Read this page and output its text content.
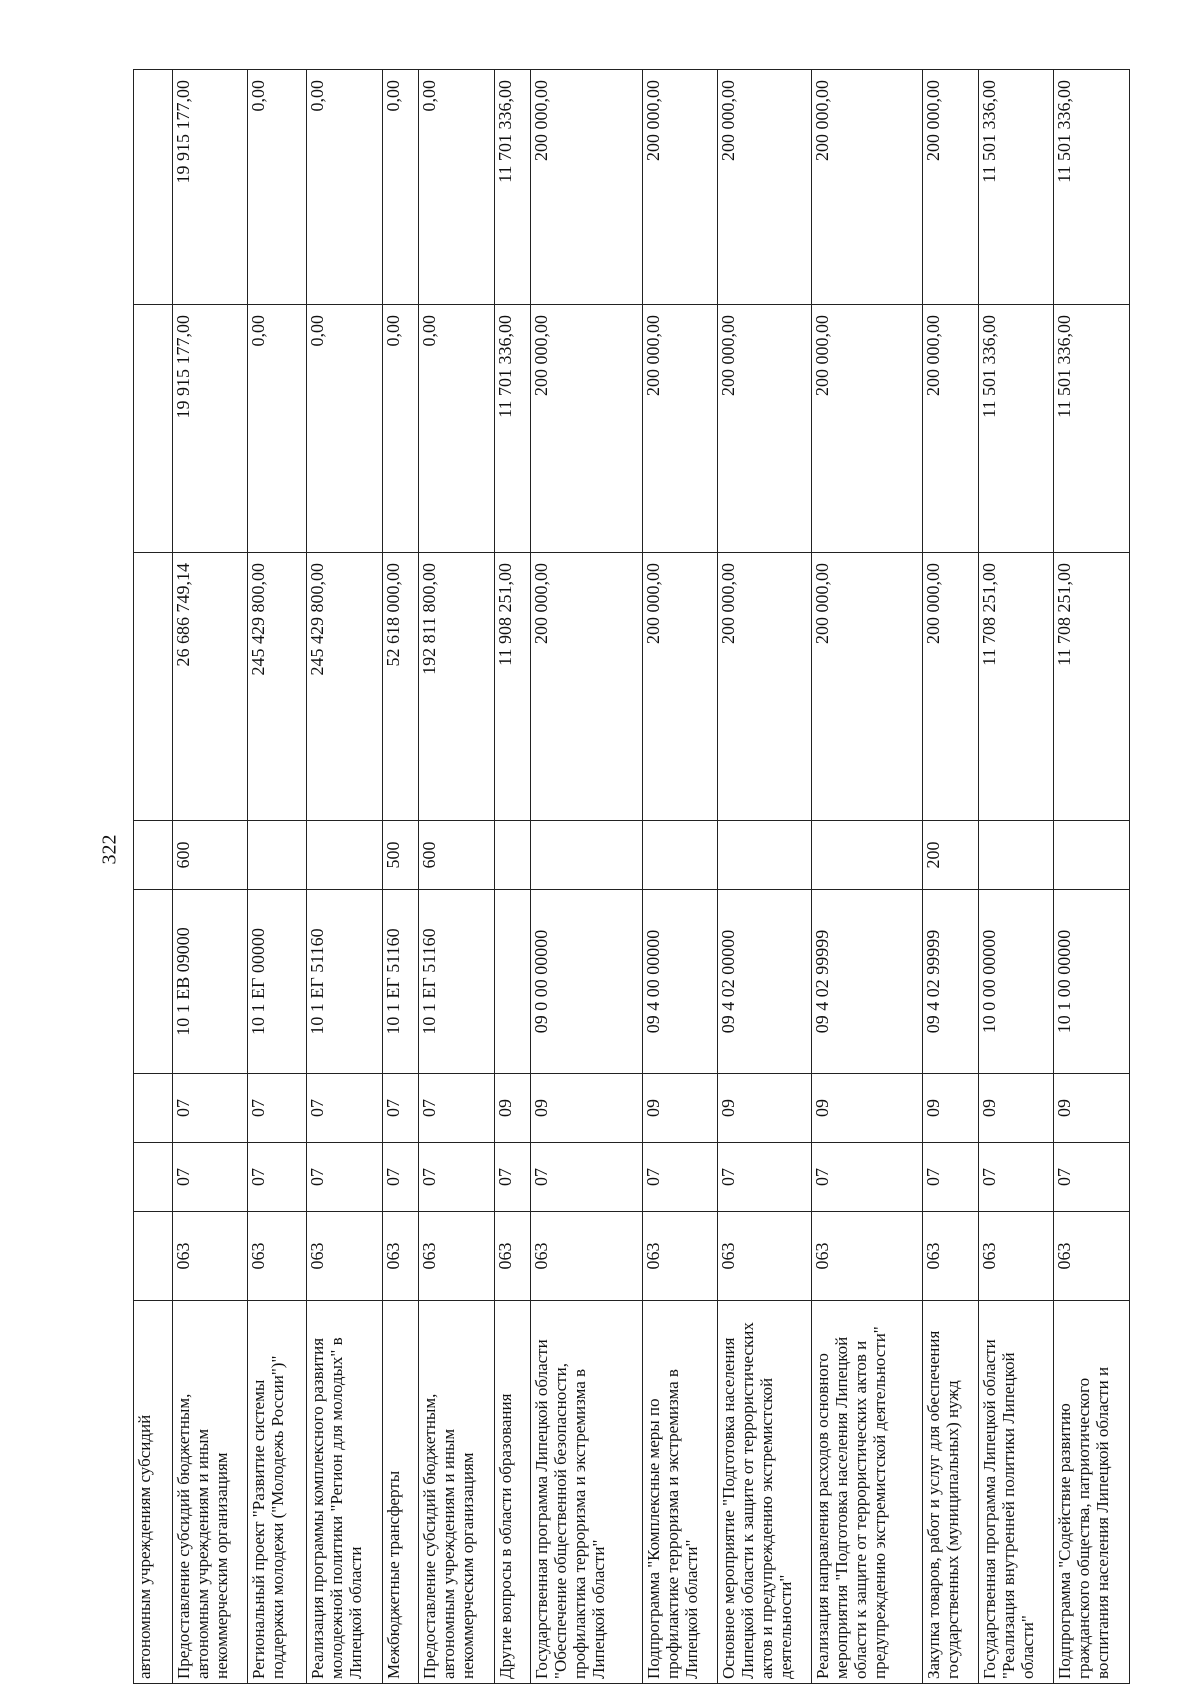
322
автономным учреждениям субсидий								
Предоставление субсидий бюджетным, автономным учреждениям и иным некоммерческим организациям	063	07	07	10 1 ЕВ 09000	600	26 686 749,14	19 915 177,00	19 915 177,00
Региональный проект "Развитие системы поддержки молодежи ("Молодежь России")"	063	07	07	10 1 ЕГ 00000		245 429 800,00	0,00	0,00
Реализация программы комплексного развития молодежной политики "Регион для молодых" в Липецкой области	063	07	07	10 1 ЕГ 51160		245 429 800,00	0,00	0,00
Межбюджетные трансферты	063	07	07	10 1 ЕГ 51160	500	52 618 000,00	0,00	0,00
Предоставление субсидий бюджетным, автономным учреждениям и иным некоммерческим организациям	063	07	07	10 1 ЕГ 51160	600	192 811 800,00	0,00	0,00
Другие вопросы в области образования	063	07	09			11 908 251,00	11 701 336,00	11 701 336,00
Государственная программа Липецкой области "Обеспечение общественной безопасности, профилактика терроризма и экстремизма в Липецкой области"	063	07	09	09 0 00 00000		200 000,00	200 000,00	200 000,00
Подпрограмма "Комплексные меры по профилактике терроризма и экстремизма в Липецкой области"	063	07	09	09 4 00 00000		200 000,00	200 000,00	200 000,00
Основное мероприятие "Подготовка населения Липецкой области к защите от террористических актов и предупреждению экстремистской деятельности"	063	07	09	09 4 02 00000		200 000,00	200 000,00	200 000,00
Реализация направления расходов основного мероприятия "Подготовка населения Липецкой области к защите от террористических актов и предупреждению экстремистской деятельности"	063	07	09	09 4 02 99999		200 000,00	200 000,00	200 000,00
Закупка товаров, работ и услуг для обеспечения государственных (муниципальных) нужд	063	07	09	09 4 02 99999	200	200 000,00	200 000,00	200 000,00
Государственная программа Липецкой области "Реализация внутренней политики Липецкой области"	063	07	09	10 0 00 00000		11 708 251,00	11 501 336,00	11 501 336,00
Подпрограмма "Содействие развитию гражданского общества, патриотического воспитания населения Липецкой области и	063	07	09	10 1 00 00000		11 708 251,00	11 501 336,00	11 501 336,00
